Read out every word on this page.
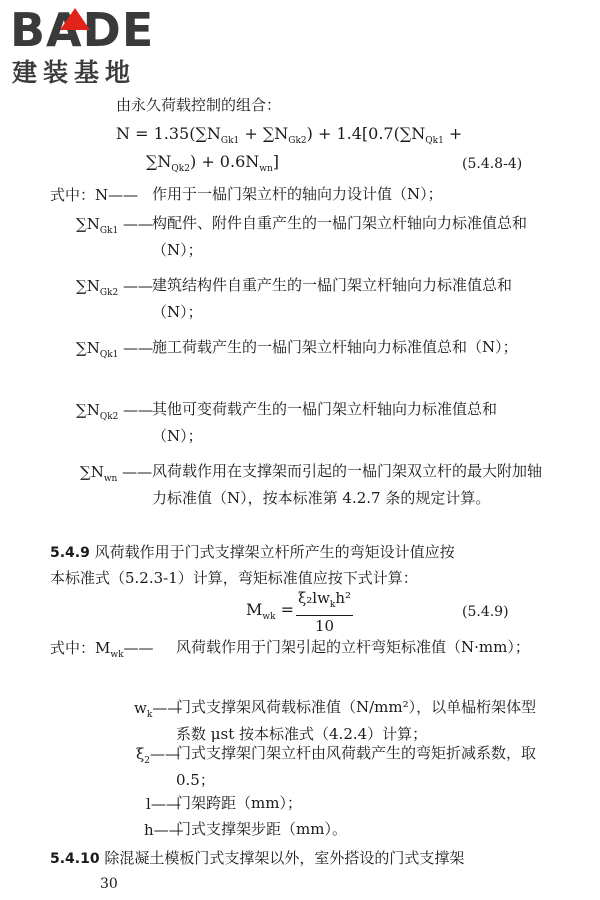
BADE
建装基地
由永久荷载控制的组合：
$N = 1.35(\sum N_{Gk1} + \sum N_{Gk2}) + 1.4[0.7(\sum N_{Qk1}$ +
$\sum N_{Qk2}) + 0.6N_{wn}$]	(5.4.8-4)
式中：N—— 作用于一榀门架立杆的轴向力设计值（N）；
$\sum N_{Gk1}$ —— 构配件、附件自重产生的一榀门架立杆轴向力标准值总和（N）；
$\sum N_{Gk2}$ —— 建筑结构件自重产生的一榀门架立杆轴向力标准值总和（N）；
$\sum N_{Qk1}$ ——
施工荷载产生的一榀门架立杆轴向力标准值总和（N）；
$\sum N_{Qk2}$ ——
其他可变荷载产生的一榀门架立杆轴向力标准值总和（N）；
$\sum N_{wn}$ —— 风荷载作用在支撑架而引起的一榀门架双立杆的最大附加轴力标准值（N），按本标准第 4.2.7 条的规定计算。
5.4.9 风荷载作用于门式支撑架立杆所产生的弯矩设计值应按
本标准式（5.2.3-1）计算，弯矩标准值应按下式计算：
$M_{wk}$ =
$\xi_2lw_kh^2$
10
(5.4.9)
式中：$M_{wk}——$ 风荷载作用于门架引起的立杆弯矩标准值（N·mm）；
$w_k——$
门式支撑架风荷载标准值（N/mm²），以单榀桁架体型系数 μst 按本标准式（4.2.4）计算；
$\xi_2——$
门式支撑架门架立杆由风荷载产生的弯矩折减系数，取 0.5；
l——
门架跨距（mm）；
h——
门式支撑架步距（mm）。
5.4.10 除混凝土模板门式支撑架以外，室外搭设的门式支撑架
30
